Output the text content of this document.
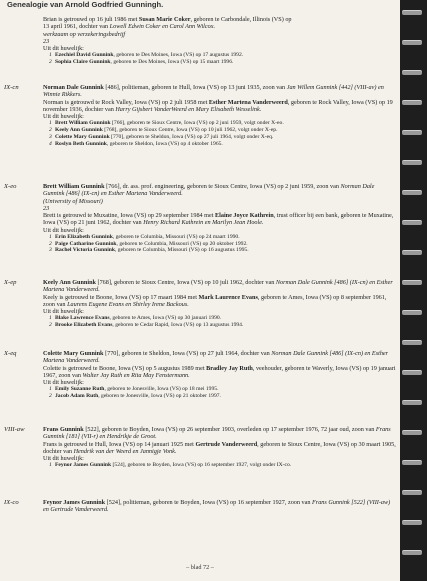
Genealogie van Arnold Godfried Gunningh.

Brian is getrouwd op 16 juli 1986 met Susan Marie Coker, geboren te Carbondale, Illinois (VS) op

13 april 1961, dochter van Lowell Edwin Coker en Carol Ann Wilcox.

werkzaam op verzekeringsbedrijf

23

Uit dit huwelijk:

1 Ezechiel David Gunnink, geboren te Des Moines, Iowa (VS) op 17 augustus 1992.
2 Sophia Claire Gunnink, geboren te Des Moines, Iowa (VS) op 15 maart 1996.
IX-cn	Norman Dale Gunnink [486], politieman, geboren te Hull, Iowa (VS) op 13 juni 1935, zoon van Jan Willem Gunnink [442] (VIII-av) en Winnie Rikkers.

Norman is getrouwd te Rock Valley, Iowa (VS) op 2 juli 1958 met Esther Martena Vanderweerd, geboren te Rock Valley, Iowa (VS) op 19 november 1936, dochter van Harry Gijsbert VanderWeerd en Mary Elisabeth Wesselink.

Uit dit huwelijk:

1 Brett William Gunnink [766], geboren te Sioux Centre, Iowa (VS) op 2 juni 1959, volgt onder X-eo.
2 Keely Ann Gunnink [768], geboren te Sioux Centre, Iowa (VS) op 10 juli 1962, volgt onder X-ep.
3 Colette Mary Gunnink [770], geboren te Sheldon, Iowa (VS) op 27 juli 1964, volgt onder X-eq.
4 Roslyn Beth Gunnink, geboren te Sheldon, Iowa (VS) op 4 oktober 1965.
X-eo	Brett William Gunnink [766], dr. ass. prof. engineering, geboren te Sioux Centre, Iowa (VS) op 2 juni 1959, zoon van Norman Dale Gunnink [486] (IX-cn) en Esther Martena Vanderweerd.

(University of Missouri)

23

Brett is getrouwd te Muxatine, Iowa (VS) op 29 september 1984 met Elaine Joyce Kathrein, trust officer bij een bank, geboren te Muxatine, Iowa (VS) op 21 juni 1962, dochter van Henry Richard Kathrein en Marilyn Jean Hoole.

Uit dit huwelijk:

1 Erin Elizabeth Gunnink, geboren te Columbia, Missouri (VS) op 24 maart 1990.
2 Paige Catharine Gunnink, geboren te Columbia, Missouri (VS) op 20 oktober 1992.
3 Rachel Victoria Gunnink, geboren te Columbia, Missouri (VS) op 16 augustus 1995.
X-ep	Keely Ann Gunnink [768], geboren te Sioux Centre, Iowa (VS) op 10 juli 1962, dochter van Norman Dale Gunnink [486] (IX-cn) en Esther Martena Vanderweerd.

Keely is getrouwd te Boone, Iowa (VS) op 17 maart 1984 met Mark Laurence Evans, geboren te Ames, Iowa (VS) op 8 september 1961, zoon van Laurens Eugene Evans en Shirley Irene Backous.

Uit dit huwelijk:

1 Blake Lawrence Evans, geboren te Ames, Iowa (VS) op 30 januari 1990.
2 Brooke Elizabeth Evans, geboren te Cedar Rapid, Iowa (VS) op 13 augustus 1994.
X-eq	Colette Mary Gunnink [770], geboren te Sheldon, Iowa (VS) op 27 juli 1964, dochter van Norman Dale Gunnink [486] (IX-cn) en Esther Martena Vanderweerd.

Colette is getrouwd te Boone, Iowa (VS) op 5 augustus 1989 met Bradley Jay Ruth, veehouder, geboren te Waverly, Iowa (VS) op 19 januari 1967, zoon van Walter Jay Ruth en Rita May Fenstermann.

Uit dit huwelijk:

1 Emily Suzanne Ruth, geboren te Jonesville, Iowa (VS) op 18 mei 1995.
2 Jacob Adam Ruth, geboren te Jonesville, Iowa (VS) op 21 oktober 1997.
VIII-aw	Frans Gunnink [522], geboren te Boyden, Iowa (VS) op 26 september 1903, overleden op 17 september 1976, 72 jaar oud, zoon van Frans Gunnink [181] (VII-r) en Hendrikje de Groot.

Frans is getrouwd te Hull, Iowa (VS) op 14 januari 1925 met Gertrude Vanderweerd, geboren te Sioux Centre, Iowa (VS) op 30 maart 1905, dochter van Hendrik van der Weerd en Jannigje Vonk.

Uit dit huwelijk:

1 Feynor James Gunnink [524], geboren te Boyden, Iowa (VS) op 16 september 1927, volgt onder IX-co.
IX-co	Feynor James Gunnink [524], politieman, geboren te Boyden, Iowa (VS) op 16 september 1927, zoon van Frans Gunnink [522] (VIII-aw) en Gertrude Vanderweerd.

– blad 72 –
